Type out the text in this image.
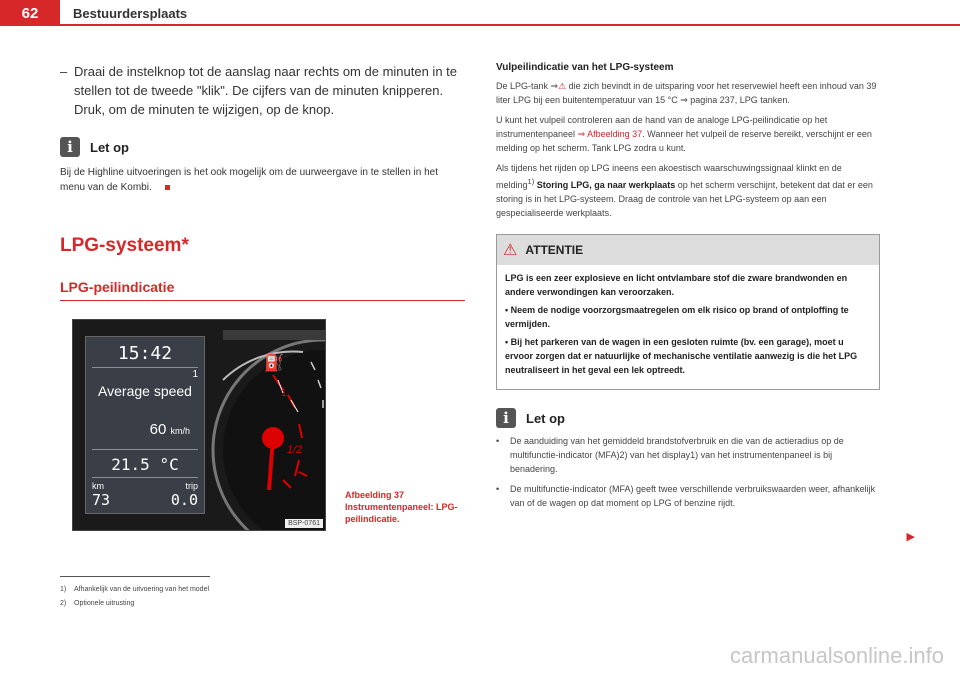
62	Bestuurdersplaats
– Draai de instelknop tot de aanslag naar rechts om de minuten in te stellen tot de tweede "klik". De cijfers van de minuten knipperen. Druk, om de minuten te wijzigen, op de knop.
i	Let op
Bij de Highline uitvoeringen is het ook mogelijk om de uurweergave in te stellen in het menu van de Kombi.
LPG-systeem*
LPG-peilindicatie
⛽
1
1/2
15:42
1
Average speed
60 km/h
21.5 °C
km	trip
73	0.0
BSP-0761
Afbeelding 37 Instrumentenpaneel: LPG-peilindicatie.
1)	Afhankelijk van de uitvoering van het model
2)	Optionele uitrusting
Vulpeilindicatie van het LPG-systeem
De LPG-tank ⇒⚠ die zich bevindt in de uitsparing voor het reservewiel heeft een inhoud van 39 liter LPG bij een buitentemperatuur van 15 °C ⇒ pagina 237, LPG tanken.
U kunt het vulpeil controleren aan de hand van de analoge LPG-peilindicatie op het instrumentenpaneel ⇒ Afbeelding 37. Wanneer het vulpeil de reserve bereikt, verschijnt er een melding op het scherm. Tank LPG zodra u kunt.
Als tijdens het rijden op LPG ineens een akoestisch waarschuwingssignaal klinkt en de melding$^{1)}$ Storing LPG, ga naar werkplaats op het scherm verschijnt, betekent dat dat er een storing is in het LPG-systeem. Draag de controle van het LPG-systeem op aan een gespecialiseerde werkplaats.
⚠ ATTENTIE

LPG is een zeer explosieve en licht ontvlambare stof die zware brandwonden en andere verwondingen kan veroorzaken.

• Neem de nodige voorzorgsmaatregelen om elk risico op brand of ontploffing te vermijden.

• Bij het parkeren van de wagen in een gesloten ruimte (bv. een garage), moet u ervoor zorgen dat er natuurlijke of mechanische ventilatie aanwezig is die het LPG neutraliseert in het geval een lek optreedt.

i	Let op
•	De aanduiding van het gemiddeld brandstofverbruik en die van de actieradius op de multifunctie-indicator (MFA)2) van het display1) van het instrumentenpaneel is bij benadering.
•	De multifunctie-indicator (MFA) geeft twee verschillende verbruikswaarden weer, afhankelijk van of de wagen op dat moment op LPG of benzine rijdt.
▶
carmanualsonline.info
